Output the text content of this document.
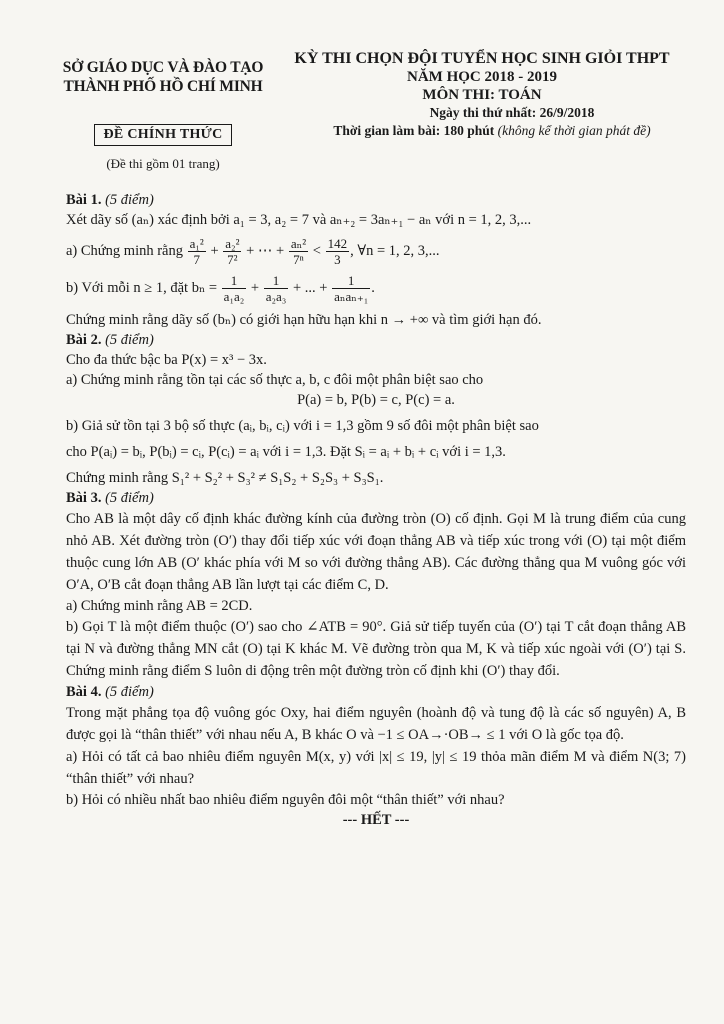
SỞ GIÁO DỤC VÀ ĐÀO TẠO
THÀNH PHỐ HỒ CHÍ MINH
ĐỀ CHÍNH THỨC
(Đề thi gồm 01 trang)
KỲ THI CHỌN ĐỘI TUYỂN HỌC SINH GIỎI THPT
NĂM HỌC 2018 - 2019
MÔN THI: TOÁN
Ngày thi thứ nhất: 26/9/2018
Thời gian làm bài: 180 phút (không kể thời gian phát đề)

Bài 1. (5 điểm)

Xét dãy số (aₙ) xác định bởi a₁ = 3, a₂ = 7 và aₙ₊₂ = 3aₙ₊₁ − aₙ với n = 1, 2, 3,...

a) Chứng minh rằng $\frac{\text{a₁²}}{7} + \frac{\text{a₂²}}{\text{7²}}$ + ⋯ + $\frac{\text{aₙ²}}{\text{7ⁿ}} < \frac{142}{3}$ , ∀n = 1, 2, 3,...

b) Với mỗi n ≥ 1, đặt $b_n = \frac{1}{\text{a₁a₂}} + \frac{1}{\text{a₂a₃}}$ + ... + $\frac{1}{\text{aₙaₙ₊₁}}$ .

Chứng minh rằng dãy số (bₙ) có giới hạn hữu hạn khi n → +∞ và tìm giới hạn đó.

Bài 2. (5 điểm)

Cho đa thức bậc ba P(x) = x³ − 3x.

a) Chứng minh rằng tồn tại các số thực a, b, c đôi một phân biệt sao cho

P(a) = b, P(b) = c, P(c) = a.

b) Giả sử tồn tại 3 bộ số thực (aᵢ, bᵢ, cᵢ) với i = 1,3 gồm 9 số đôi một phân biệt sao

cho P(aᵢ) = bᵢ, P(bᵢ) = cᵢ, P(cᵢ) = aᵢ với i = 1,3. Đặt Sᵢ = aᵢ + bᵢ + cᵢ với i = 1,3.

Chứng minh rằng S₁² + S₂² + S₃² ≠ S₁S₂ + S₂S₃ + S₃S₁.

Bài 3. (5 điểm)

Cho AB là một dây cố định khác đường kính của đường tròn (O) cố định. Gọi M là trung điểm của cung nhỏ AB. Xét đường tròn (O′) thay đổi tiếp xúc với đoạn thẳng AB và tiếp xúc trong với (O) tại một điểm thuộc cung lớn AB (O′ khác phía với M so với đường thẳng AB). Các đường thẳng qua M vuông góc với O′A, O′B cắt đoạn thẳng AB lần lượt tại các điểm C, D.

a) Chứng minh rằng AB = 2CD.

b) Gọi T là một điểm thuộc (O′) sao cho ∠ATB = 90°. Giả sử tiếp tuyến của (O′) tại T cắt đoạn thẳng AB tại N và đường thẳng MN cắt (O) tại K khác M. Vẽ đường tròn qua M, K và tiếp xúc ngoài với (O′) tại S. Chứng minh rằng điểm S luôn di động trên một đường tròn cố định khi (O′) thay đổi.

Bài 4. (5 điểm)

Trong mặt phẳng tọa độ vuông góc Oxy, hai điểm nguyên (hoành độ và tung độ là các số nguyên) A, B được gọi là “thân thiết” với nhau nếu A, B khác O và −1 ≤ OA→·OB→ ≤ 1 với O là gốc tọa độ.

a) Hỏi có tất cả bao nhiêu điểm nguyên M(x, y) với |x| ≤ 19, |y| ≤ 19 thỏa mãn điểm M và điểm N(3; 7) “thân thiết” với nhau?

b) Hỏi có nhiều nhất bao nhiêu điểm nguyên đôi một “thân thiết” với nhau?

--- HẾT ---
